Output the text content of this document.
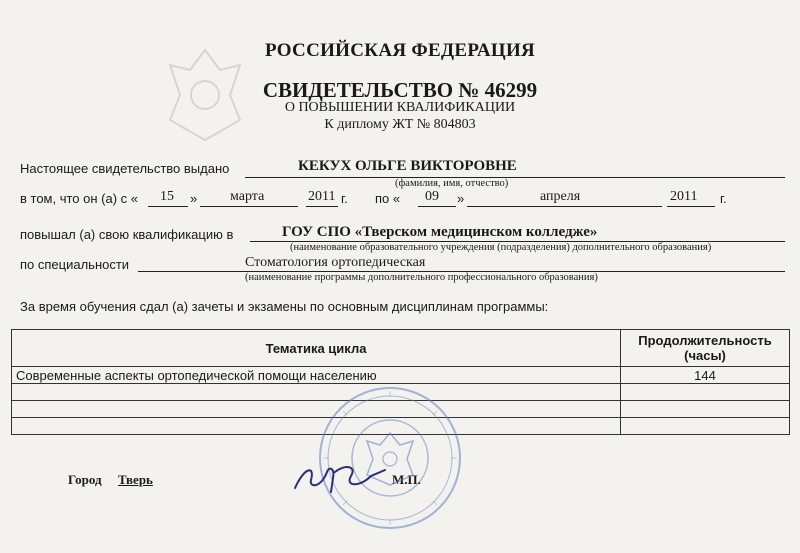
РОССИЙСКАЯ ФЕДЕРАЦИЯ
СВИДЕТЕЛЬСТВО № 46299
О ПОВЫШЕНИИ КВАЛИФИКАЦИИ
К диплому ЖТ № 804803
Настоящее свидетельство выдано	КЕКУХ ОЛЬГЕ ВИКТОРОВНЕ
(фамилия, имя, отчество)
в том, что он (а) с « 15 » марта	2011 г. по « 09 »	апреля	2011 г.
повышал (а) свою квалификацию в	ГОУ СПО «Тверском медицинском колледже»
(наименование образовательного учреждения (подразделения) дополнительного образования)
по специальности	Стоматология ортопедическая
(наименование программы дополнительного профессионального образования)
За время обучения сдал (а) зачеты и экзамены по основным дисциплинам программы:
Тематика цикла	Продолжительность (часы)
Современные аспекты ортопедической помощи населению	144

Город Тверь	М.П.
